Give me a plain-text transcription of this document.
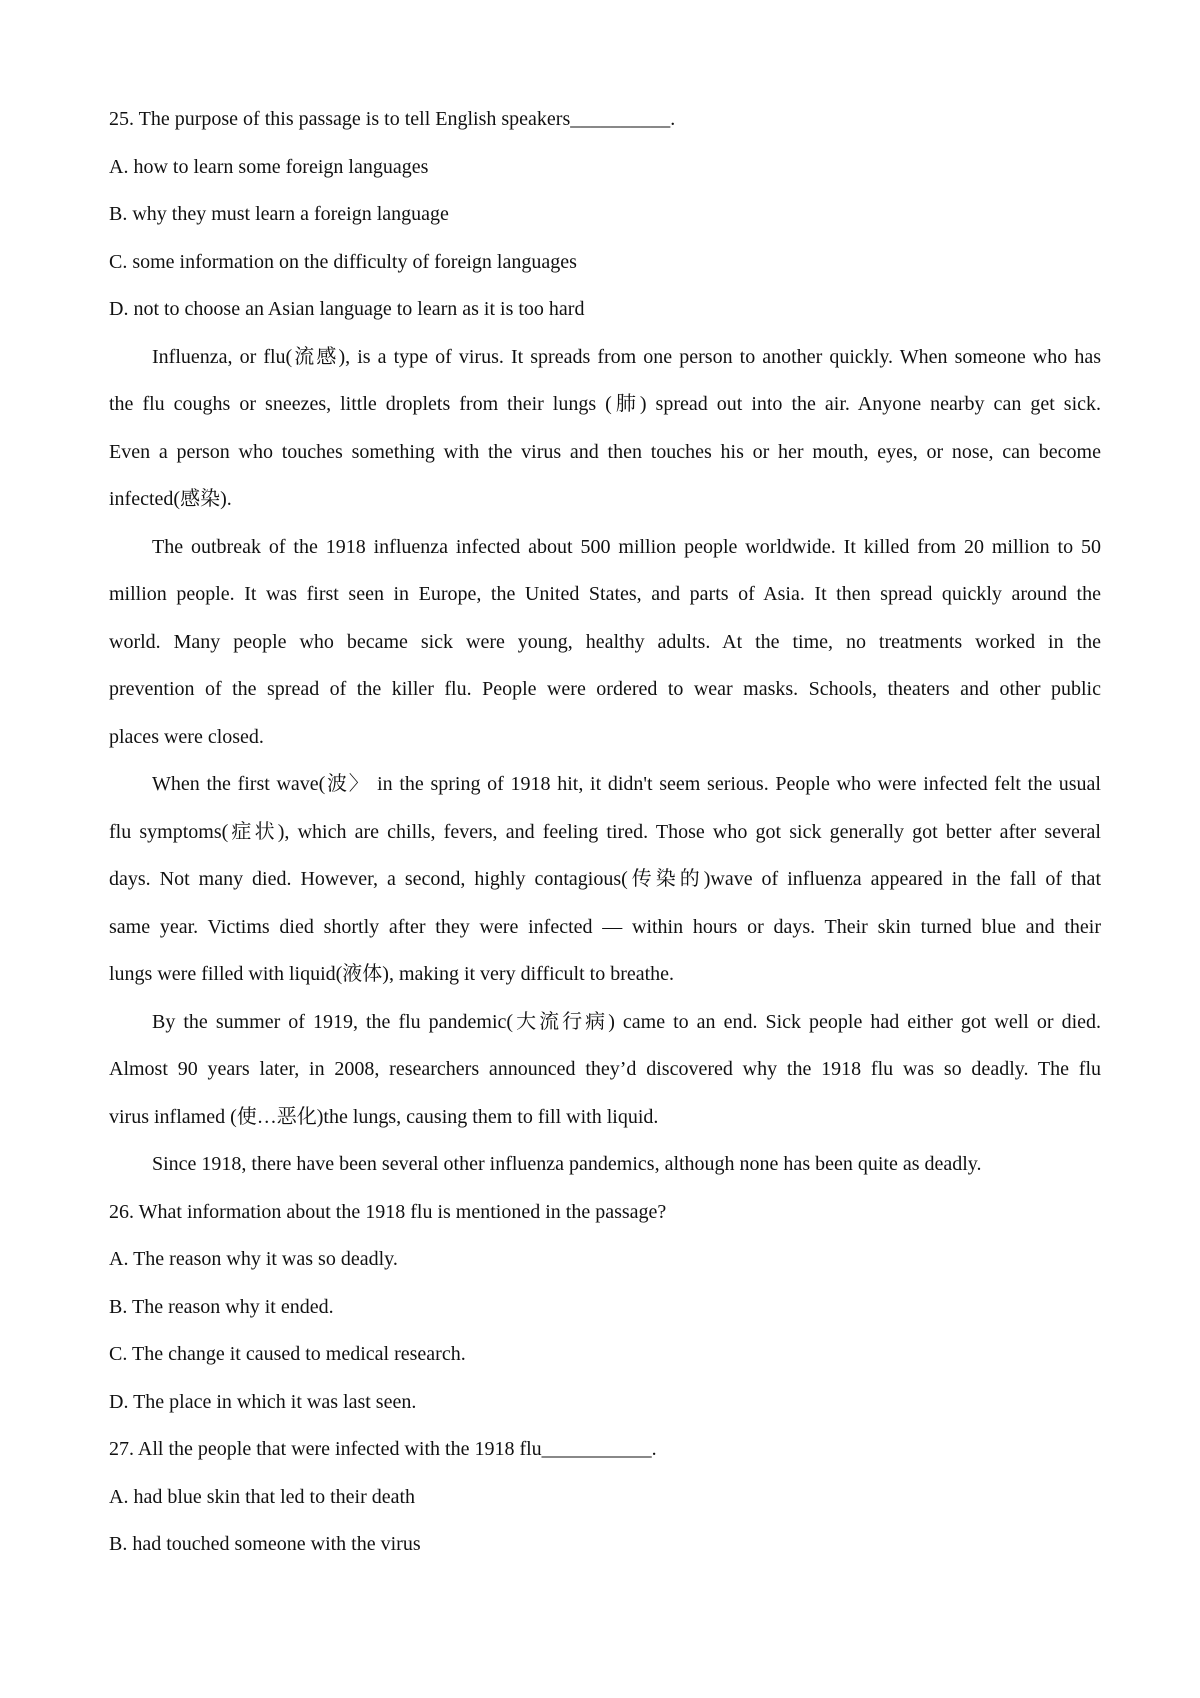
25. The purpose of this passage is to tell English speakers__________.

A. how to learn some foreign languages

B. why they must learn a foreign language

C. some information on the difficulty of foreign languages

D. not to choose an Asian language to learn as it is too hard

Influenza, or flu(流感), is a type of virus. It spreads from one person to another quickly. When someone who has
the flu coughs or sneezes, little droplets from their lungs (肺) spread out into the air. Anyone nearby can get sick.
Even a person who touches something with the virus and then touches his or her mouth, eyes, or nose, can become
infected(感染).

The outbreak of the 1918 influenza infected about 500 million people worldwide. It killed from 20 million to 50
million people. It was first seen in Europe, the United States, and parts of Asia. It then spread quickly around the
world. Many people who became sick were young, healthy adults. At the time, no treatments worked in the
prevention of the spread of the killer flu. People were ordered to wear masks. Schools, theaters and other public
places were closed.

When the first wave(波〉 in the spring of 1918 hit, it didn't seem serious. People who were infected felt the usual
flu symptoms(症状), which are chills, fevers, and feeling tired. Those who got sick generally got better after several
days. Not many died. However, a second, highly contagious(传染的)wave of influenza appeared in the fall of that
same year. Victims died shortly after they were infected — within hours or days. Their skin turned blue and their
lungs were filled with liquid(液体), making it very difficult to breathe.

By the summer of 1919, the flu pandemic(大流行病) came to an end. Sick people had either got well or died.
Almost 90 years later, in 2008, researchers announced they’d discovered why the 1918 flu was so deadly. The flu
virus inflamed (使…恶化)the lungs, causing them to fill with liquid.

Since 1918, there have been several other influenza pandemics, although none has been quite as deadly.

26. What information about the 1918 flu is mentioned in the passage?

A. The reason why it was so deadly.

B. The reason why it ended.

C. The change it caused to medical research.

D. The place in which it was last seen.

27. All the people that were infected with the 1918 flu___________.

A. had blue skin that led to their death

B. had touched someone with the virus
